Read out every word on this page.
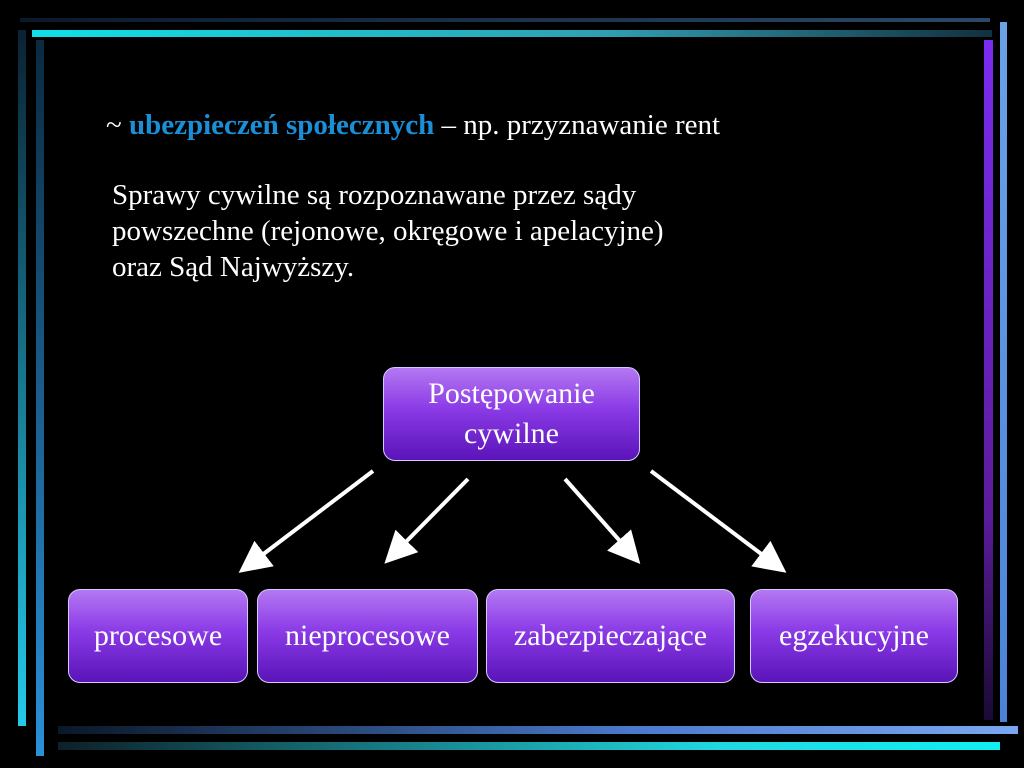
~ ubezpieczeń społecznych – np. przyznawanie rent
Sprawy cywilne są rozpoznawane przez sądy
powszechne (rejonowe, okręgowe i apelacyjne)
oraz Sąd Najwyższy.
Postępowanie
cywilne
procesowe nieprocesowe zabezpieczające egzekucyjne
